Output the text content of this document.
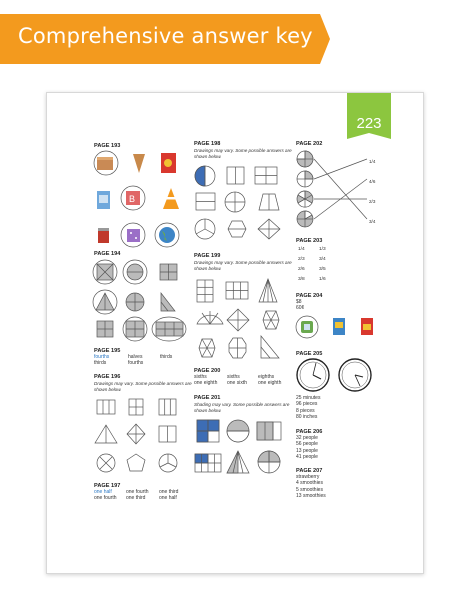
Comprehensive answer key
223
PAGE 193
B
PAGE 194
PAGE 195
fourths
thirds
halves
fourths
thirds
PAGE 196
Drawings may vary. Some possible answers are shown below.
PAGE 197
one half
one fourth
one fourth
one third
one third
one half
PAGE 198
Drawings may vary. Some possible answers are shown below.
PAGE 199
Drawings may vary. Some possible answers are shown below.
PAGE 200
sixths
one eighth
sixths
one sixth
eighths
one eighth
PAGE 201
Shading may vary. Some possible answers are shown below.
PAGE 202
1/4
4/6
2/3
3/4
PAGE 203
1/4
2/3
2/6
3/8
1/3
3/4
3/5
1/6
PAGE 204
$8
60¢
PAGE 205
25 minutes
96 pieces
8 pieces
80 inches
PAGE 206
32 people
56 people
13 people
41 people
PAGE 207
strawberry
4 smoothies
5 smoothies
13 smoothies
